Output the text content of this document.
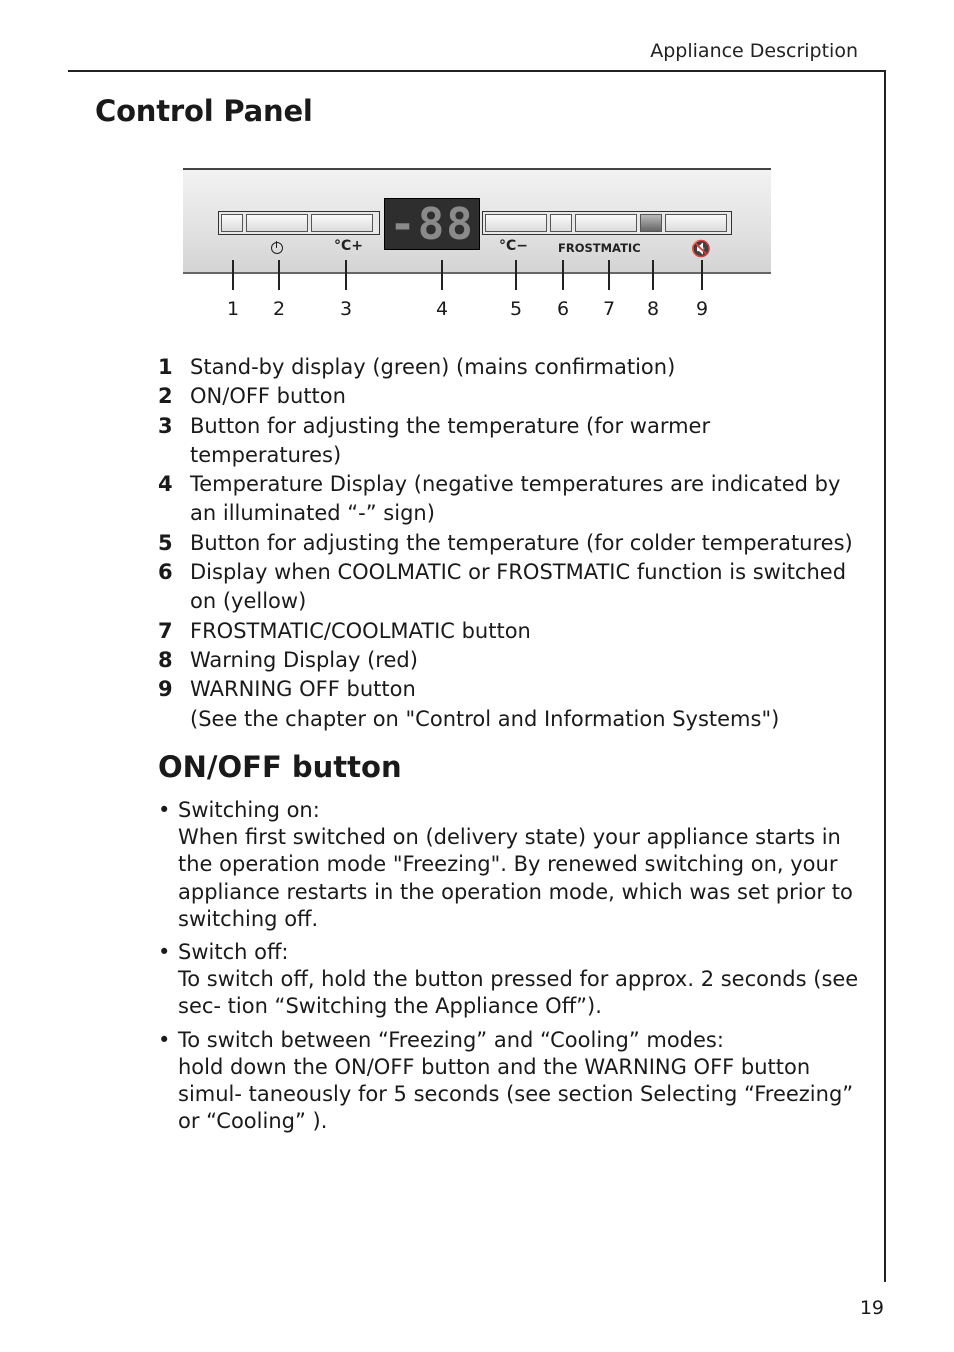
Appliance Description
Control Panel
-88
°C+	°C−	FROSTMATIC	🔇
1 2	3	4	5 6 7 8 9
1 Stand-by display (green) (mains confirmation)
2 ON/OFF button
3 Button for adjusting the temperature (for warmer temperatures)
4 Temperature Display (negative temperatures are indicated by an illuminated “-” sign)
5 Button for adjusting the temperature (for colder temperatures)
6 Display when COOLMATIC or FROSTMATIC function is switched on (yellow)
7 FROSTMATIC/COOLMATIC button
8 Warning Display (red)
9 WARNING OFF button
(See the chapter on "Control and Information Systems")
ON/OFF button
• Switching on:
When first switched on (delivery state) your appliance starts in the operation mode "Freezing". By renewed switching on, your appliance restarts in the operation mode, which was set prior to switching off.
• Switch off:
To switch off, hold the button pressed for approx. 2 seconds (see sec- tion “Switching the Appliance Off”).
• To switch between “Freezing” and “Cooling” modes:
hold down the ON/OFF button and the WARNING OFF button simul- taneously for 5 seconds (see section Selecting “Freezing” or “Cooling” ).
19
